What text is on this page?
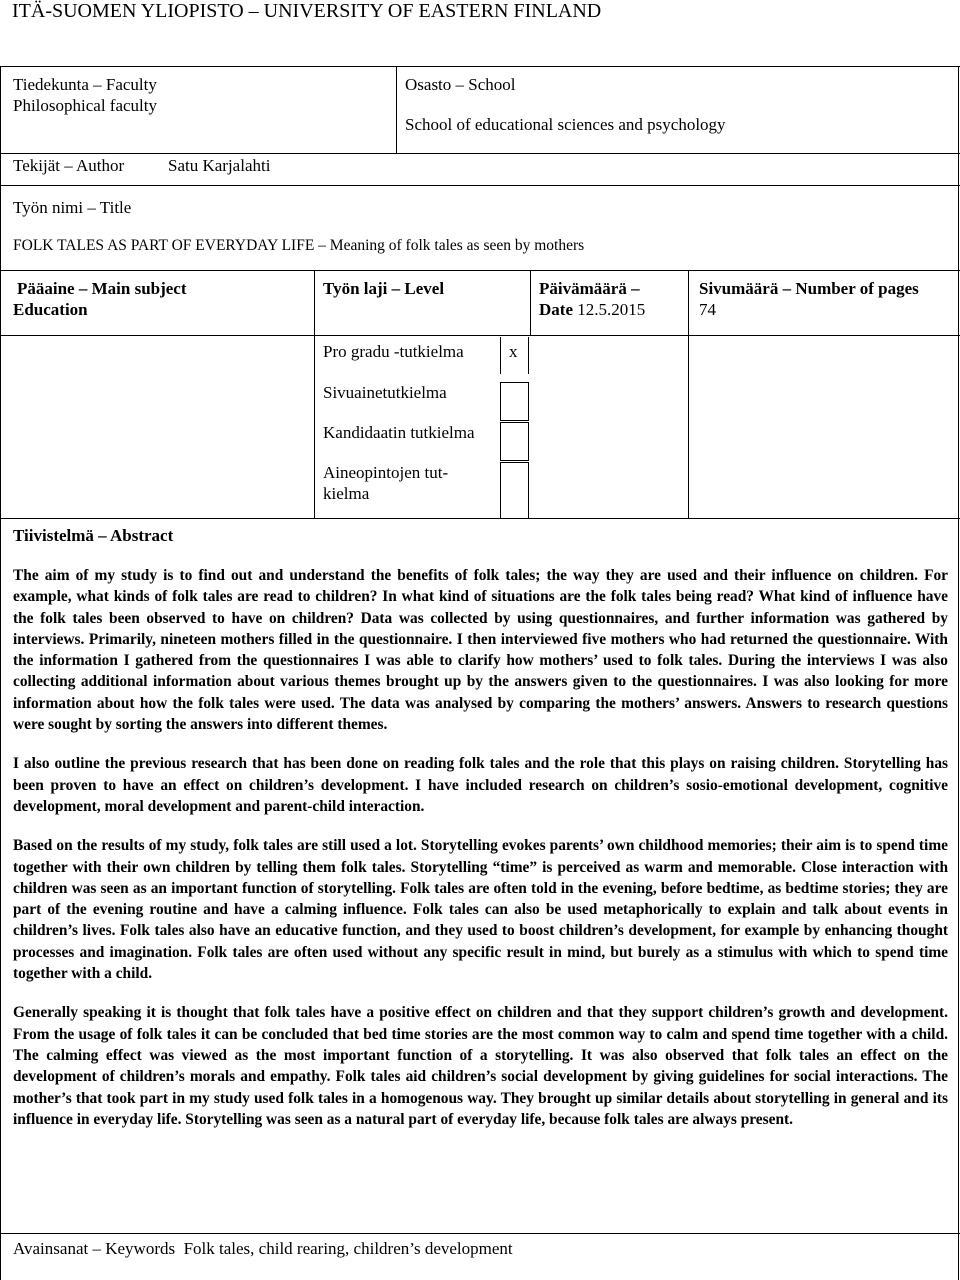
ITÄ-SUOMEN YLIOPISTO – UNIVERSITY OF EASTERN FINLAND
Tiedekunta – Faculty
Philosophical faculty
Osasto – School
School of educational sciences and psychology
Tekijät – Author	Satu Karjalahti
Työn nimi – Title
FOLK TALES AS PART OF EVERYDAY LIFE – Meaning of folk tales as seen by mothers
Pääaine – Main subject
Education
Työn laji – Level	Päivämäärä –
Date 12.5.2015
Sivumäärä – Number of pages
74
Pro gradu -tutkielma
Sivuainetutkielma
Kandidaatin tutkielma
Aineopintojen tut-
kielma
x
Tiivistelmä – Abstract

The aim of my study is to find out and understand the benefits of folk tales; the way they are used and their influence on children. For example, what kinds of folk tales are read to children? In what kind of situations are the folk tales being read? What kind of influence have the folk tales been observed to have on children? Data was collected by using questionnaires, and further information was gathered by interviews. Primarily, nineteen mothers filled in the questionnaire. I then interviewed five mothers who had returned the questionnaire. With the information I gathered from the questionnaires I was able to clarify how mothers’ used to folk tales. During the interviews I was also collecting additional information about various themes brought up by the answers given to the questionnaires. I was also looking for more information about how the folk tales were used. The data was analysed by comparing the mothers’ answers. Answers to research questions were sought by sorting the answers into different themes.

I also outline the previous research that has been done on reading folk tales and the role that this plays on raising children. Storytelling has been proven to have an effect on children’s development. I have included research on children’s sosio-emotional development, cognitive development, moral development and parent-child interaction.

Based on the results of my study, folk tales are still used a lot. Storytelling evokes parents’ own childhood memories; their aim is to spend time together with their own children by telling them folk tales. Storytelling “time” is perceived as warm and memorable. Close interaction with children was seen as an important function of storytelling. Folk tales are often told in the evening, before bedtime, as bedtime stories; they are part of the evening routine and have a calming influence. Folk tales can also be used metaphorically to explain and talk about events in children’s lives. Folk tales also have an educative function, and they used to boost children’s development, for example by enhancing thought processes and imagination. Folk tales are often used without any specific result in mind, but burely as a stimulus with which to spend time together with a child.

Generally speaking it is thought that folk tales have a positive effect on children and that they support children’s growth and development. From the usage of folk tales it can be concluded that bed time stories are the most common way to calm and spend time together with a child. The calming effect was viewed as the most important function of a storytelling. It was also observed that folk tales an effect on the development of children’s morals and empathy. Folk tales aid children’s social development by giving guidelines for social interactions. The mother’s that took part in my study used folk tales in a homogenous way. They brought up similar details about storytelling in general and its influence in everyday life. Storytelling was seen as a natural part of everyday life, because folk tales are always present.

Avainsanat – Keywords Folk tales, child rearing, children’s development
